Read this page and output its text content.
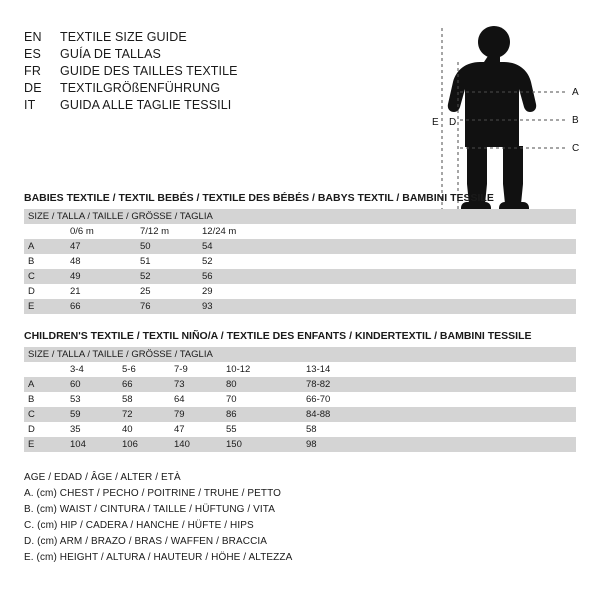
EN	TEXTILE SIZE GUIDE
ES	GUÍA DE TALLAS
FR	GUIDE DES TAILLES TEXTILE
DE	TEXTILGRÖßENFÜHRUNG
IT	GUIDA ALLE TAGLIE TESSILI
A
B
C
E D
BABIES TEXTILE / TEXTIL BEBÉS / TEXTILE DES BÉBÉS / BABYS TEXTIL / BAMBINI TESSILE
SIZE / TALLA / TAILLE / GRÖSSE / TAGLIA				
	0/6 m	7/12 m	12/24 m	
A	47	50	54	
B	48	51	52	
C	49	52	56	
D	21	25	29	
E	66	76	93	
CHILDREN'S TEXTILE / TEXTIL NIÑO/A / TEXTILE DES ENFANTS / KINDERTEXTIL / BAMBINI TESSILE
SIZE / TALLA / TAILLE / GRÖSSE / TAGLIA						
	3-4	5-6	7-9	10-12	13-14	
A	60	66	73	80	78-82	
B	53	58	64	70	66-70	
C	59	72	79	86	84-88	
D	35	40	47	55	58	
E	104	106	140	150	98	
AGE / EDAD / ÂGE / ALTER / ETÀ
A. (cm) CHEST / PECHO / POITRINE / TRUHE / PETTO
B. (cm) WAIST / CINTURA / TAILLE / HÜFTUNG / VITA
C. (cm) HIP / CADERA / HANCHE / HÜFTE / HIPS
D. (cm) ARM / BRAZO / BRAS / WAFFEN / BRACCIA
E. (cm) HEIGHT / ALTURA / HAUTEUR / HÖHE / ALTEZZA
